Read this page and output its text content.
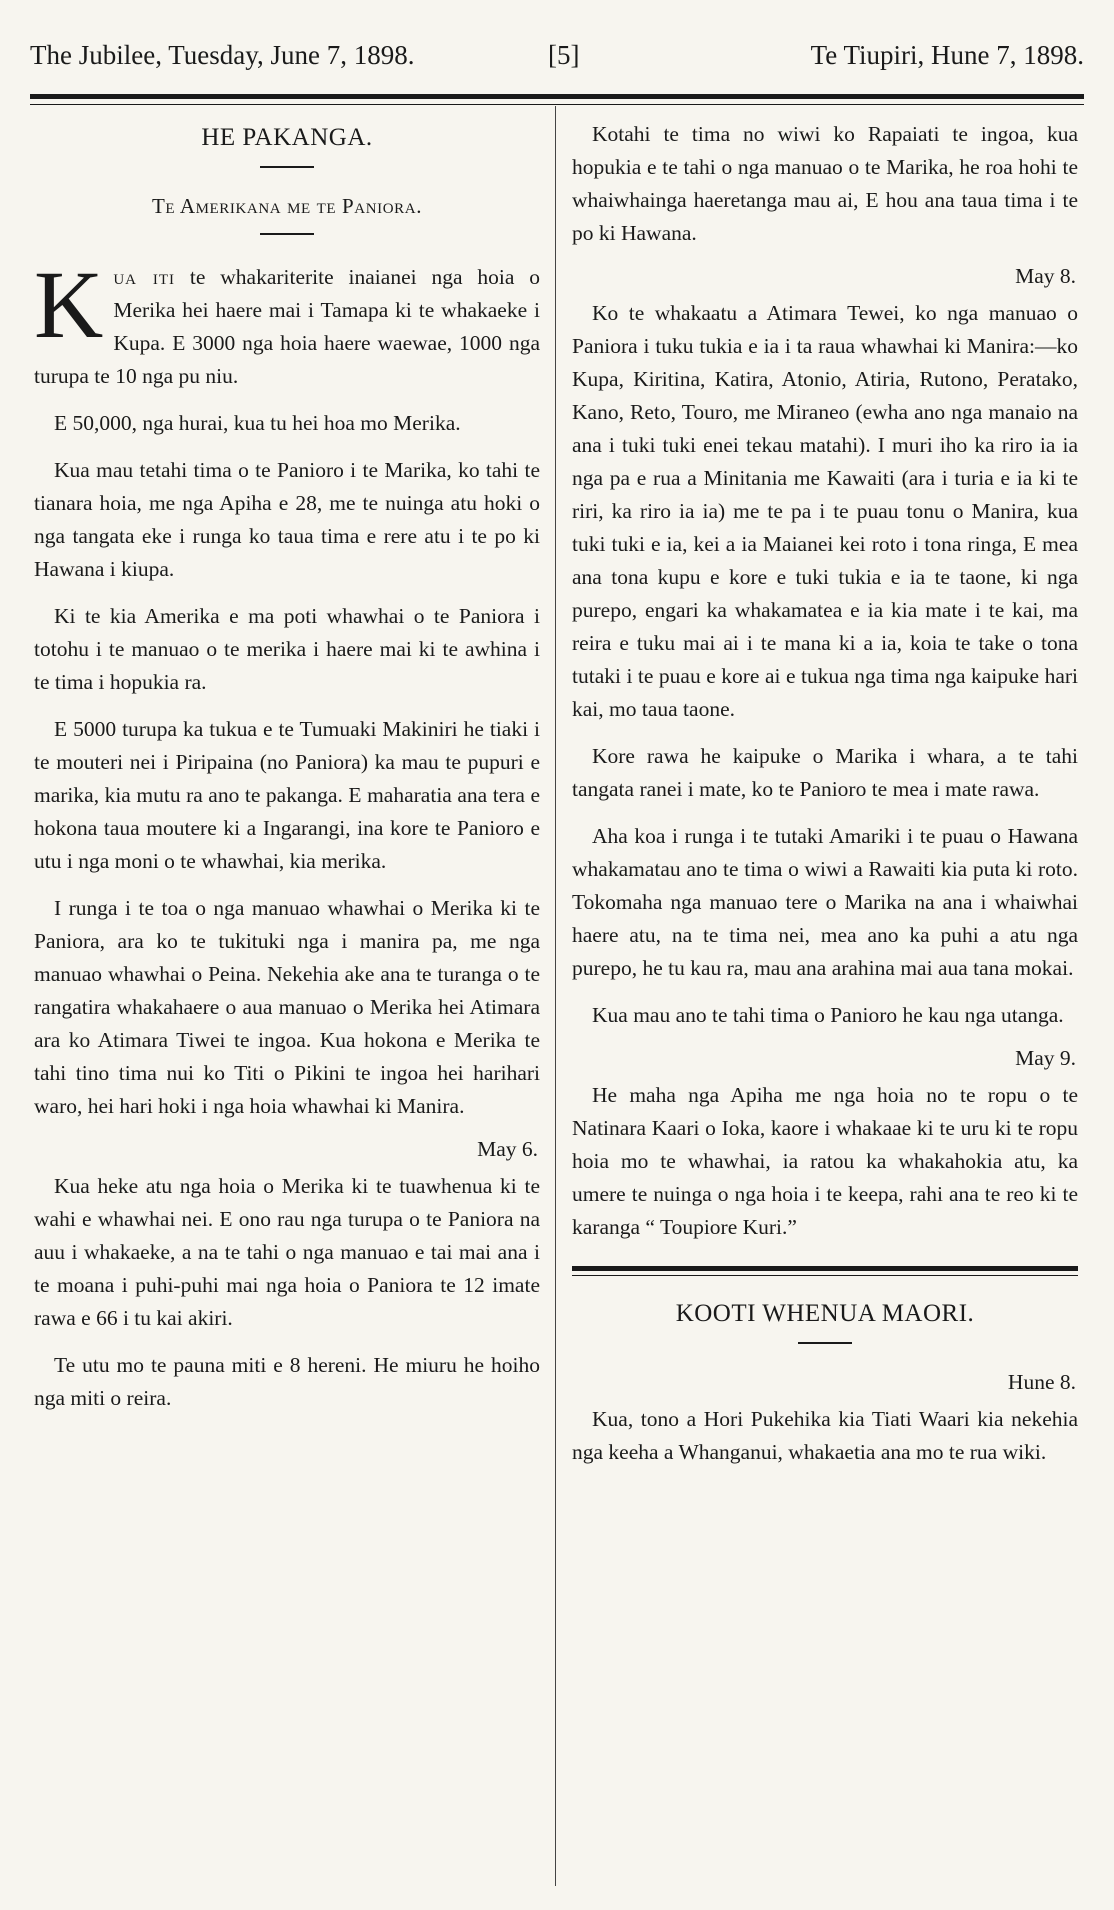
The Jubilee, Tuesday, June 7, 1898.	[5]	Te Tiupiri, Hune 7, 1898.
HE PAKANGA.
Te Amerikana me te Paniora.

Kua iti te whakariterite inaianei nga hoia o Merika hei haere mai i Tamapa ki te whakaeke i Kupa. E 3000 nga hoia haere waewae, 1000 nga turupa te 10 nga pu niu.

E 50,000, nga hurai, kua tu hei hoa mo Merika.

Kua mau tetahi tima o te Panioro i te Marika, ko tahi te tianara hoia, me nga Apiha e 28, me te nuinga atu hoki o nga tangata eke i runga ko taua tima e rere atu i te po ki Hawana i kiupa.

Ki te kia Amerika e ma poti whawhai o te Paniora i totohu i te manuao o te merika i haere mai ki te awhina i te tima i hopukia ra.

E 5000 turupa ka tukua e te Tumuaki Makiniri he tiaki i te mouteri nei i Piripaina (no Paniora) ka mau te pupuri e marika, kia mutu ra ano te pakanga. E maharatia ana tera e hokona taua moutere ki a Ingarangi, ina kore te Panioro e utu i nga moni o te whawhai, kia merika.

I runga i te toa o nga manuao whawhai o Merika ki te Paniora, ara ko te tukituki nga i manira pa, me nga manuao whawhai o Peina. Nekehia ake ana te turanga o te rangatira whakahaere o aua manuao o Merika hei Atimara ara ko Atimara Tiwei te ingoa. Kua hokona e Merika te tahi tino tima nui ko Titi o Pikini te ingoa hei harihari waro, hei hari hoki i nga hoia whawhai ki Manira.

May 6.

Kua heke atu nga hoia o Merika ki te tuawhenua ki te wahi e whawhai nei. E ono rau nga turupa o te Paniora na auu i whakaeke, a na te tahi o nga manuao e tai mai ana i te moana i puhi-puhi mai nga hoia o Paniora te 12 imate rawa e 66 i tu kai akiri.

Te utu mo te pauna miti e 8 hereni. He miuru he hoiho nga miti o reira.

Kotahi te tima no wiwi ko Rapaiati te ingoa, kua hopukia e te tahi o nga manuao o te Marika, he roa hohi te whaiwhainga haeretanga mau ai, E hou ana taua tima i te po ki Hawana.

May 8.

Ko te whakaatu a Atimara Tewei, ko nga manuao o Paniora i tuku tukia e ia i ta raua whawhai ki Manira:—ko Kupa, Kiritina, Katira, Atonio, Atiria, Rutono, Peratako, Kano, Reto, Touro, me Miraneo (ewha ano nga manaio na ana i tuki tuki enei tekau matahi). I muri iho ka riro ia ia nga pa e rua a Minitania me Kawaiti (ara i turia e ia ki te riri, ka riro ia ia) me te pa i te puau tonu o Manira, kua tuki tuki e ia, kei a ia Maianei kei roto i tona ringa, E mea ana tona kupu e kore e tuki tukia e ia te taone, ki nga purepo, engari ka whakamatea e ia kia mate i te kai, ma reira e tuku mai ai i te mana ki a ia, koia te take o tona tutaki i te puau e kore ai e tukua nga tima nga kaipuke hari kai, mo taua taone.

Kore rawa he kaipuke o Marika i whara, a te tahi tangata ranei i mate, ko te Panioro te mea i mate rawa.

Aha koa i runga i te tutaki Amariki i te puau o Hawana whakamatau ano te tima o wiwi a Rawaiti kia puta ki roto. Tokomaha nga manuao tere o Marika na ana i whaiwhai haere atu, na te tima nei, mea ano ka puhi a atu nga purepo, he tu kau ra, mau ana arahina mai aua tana mokai.

Kua mau ano te tahi tima o Panioro he kau nga utanga.

May 9.

He maha nga Apiha me nga hoia no te ropu o te Natinara Kaari o Ioka, kaore i whakaae ki te uru ki te ropu hoia mo te whawhai, ia ratou ka whakahokia atu, ka umere te nuinga o nga hoia i te keepa, rahi ana te reo ki te karanga “ Toupiore Kuri.”

KOOTI WHENUA MAORI.
Hune 8.

Kua, tono a Hori Pukehika kia Tiati Waari kia nekehia nga keeha a Whanganui, whakaetia ana mo te rua wiki.
